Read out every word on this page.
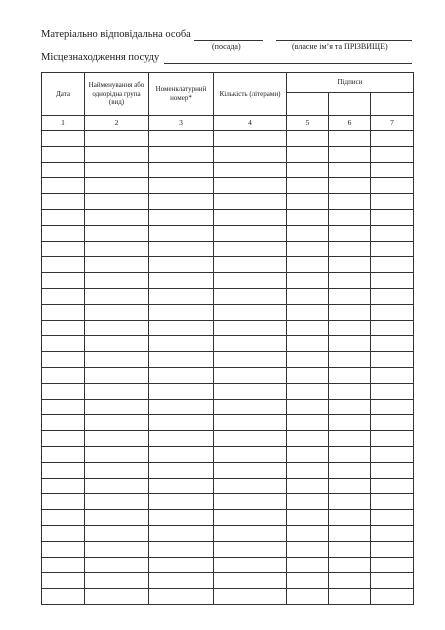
Матеріально відповідальна особа
(посада)	(власне ім’я та ПРІЗВИЩЕ)
Місцезнаходження посуду
Дата	Найменування або однорідна група (вид)	Номенклатурний номер*	Кількість (літерами)	Підписи		

1	2	3	4	5	6	7
